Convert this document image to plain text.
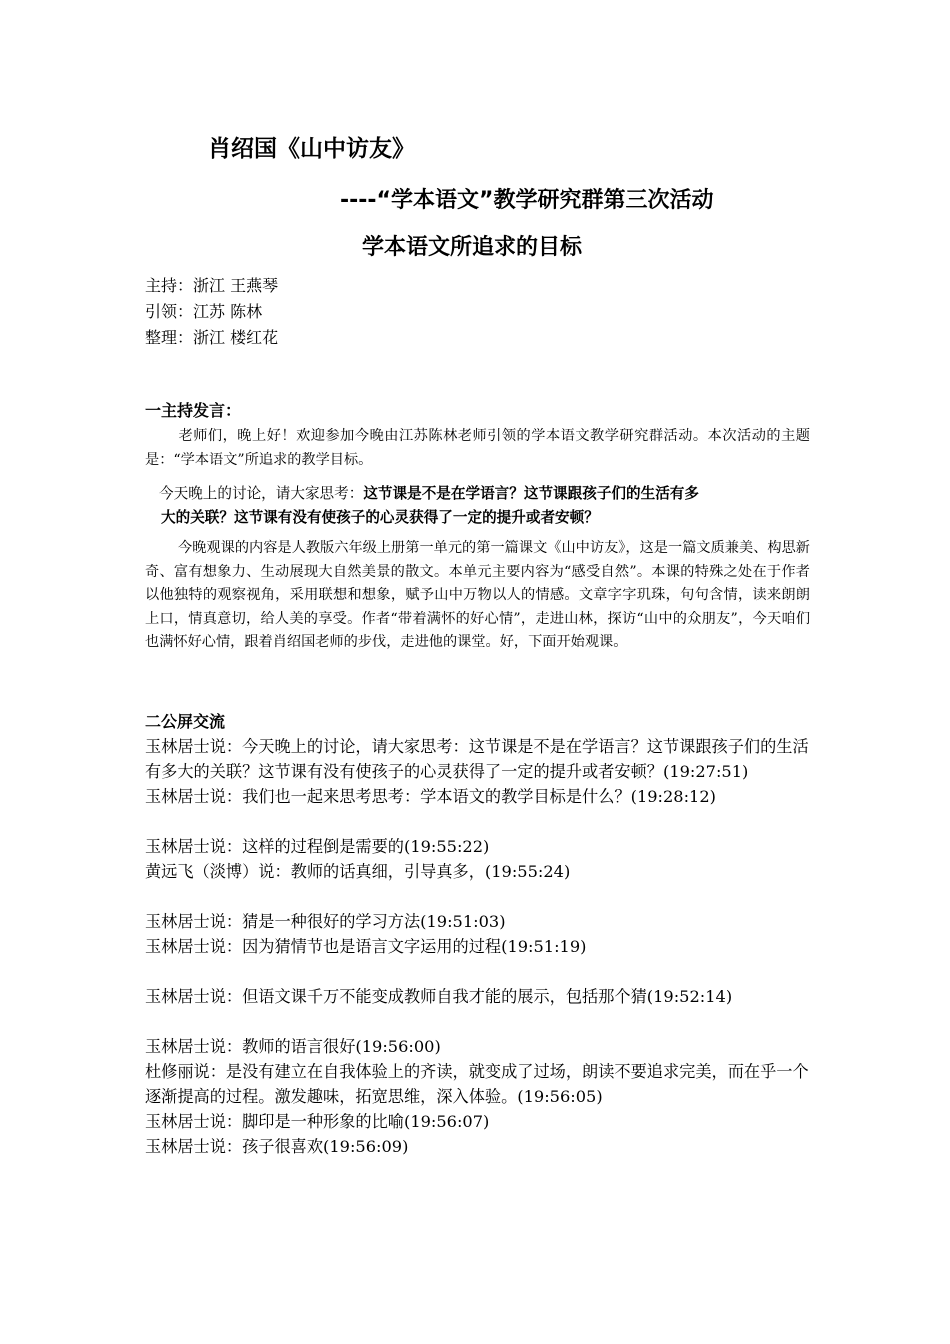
肖绍国《山中访友》
----“学本语文”教学研究群第三次活动
学本语文所追求的目标
主持：浙江 王燕琴
引领：江苏 陈林
整理：浙江 楼红花
一主持发言：
老师们，晚上好！欢迎参加今晚由江苏陈林老师引领的学本语文教学研究群活动。本次活动的主题是：“学本语文”所追求的教学目标。
今天晚上的讨论，请大家思考：这节课是不是在学语言？这节课跟孩子们的生活有多
大的关联？这节课有没有使孩子的心灵获得了一定的提升或者安顿？
今晚观课的内容是人教版六年级上册第一单元的第一篇课文《山中访友》，这是一篇文质兼美、构思新奇、富有想象力、生动展现大自然美景的散文。本单元主要内容为“感受自然”。本课的特殊之处在于作者以他独特的观察视角，采用联想和想象，赋予山中万物以人的情感。文章字字玑珠，句句含情，读来朗朗上口，情真意切，给人美的享受。作者“带着满怀的好心情”，走进山林，探访“山中的众朋友”，今天咱们也满怀好心情，跟着肖绍国老师的步伐，走进他的课堂。好，下面开始观课。
二公屏交流

玉林居士说：今天晚上的讨论，请大家思考：这节课是不是在学语言？这节课跟孩子们的生活有多大的关联？这节课有没有使孩子的心灵获得了一定的提升或者安顿？(19:27:51)

玉林居士说：我们也一起来思考思考：学本语文的教学目标是什么？(19:28:12)

玉林居士说：这样的过程倒是需要的(19:55:22)

黄远飞（淡博）说：教师的话真细，引导真多，(19:55:24)

玉林居士说：猜是一种很好的学习方法(19:51:03)

玉林居士说：因为猜情节也是语言文字运用的过程(19:51:19)

玉林居士说：但语文课千万不能变成教师自我才能的展示，包括那个猜(19:52:14)

玉林居士说：教师的语言很好(19:56:00)

杜修丽说：是没有建立在自我体验上的齐读，就变成了过场，朗读不要追求完美，而在乎一个逐渐提高的过程。激发趣味，拓宽思维，深入体验。(19:56:05)

玉林居士说：脚印是一种形象的比喻(19:56:07)

玉林居士说：孩子很喜欢(19:56:09)
